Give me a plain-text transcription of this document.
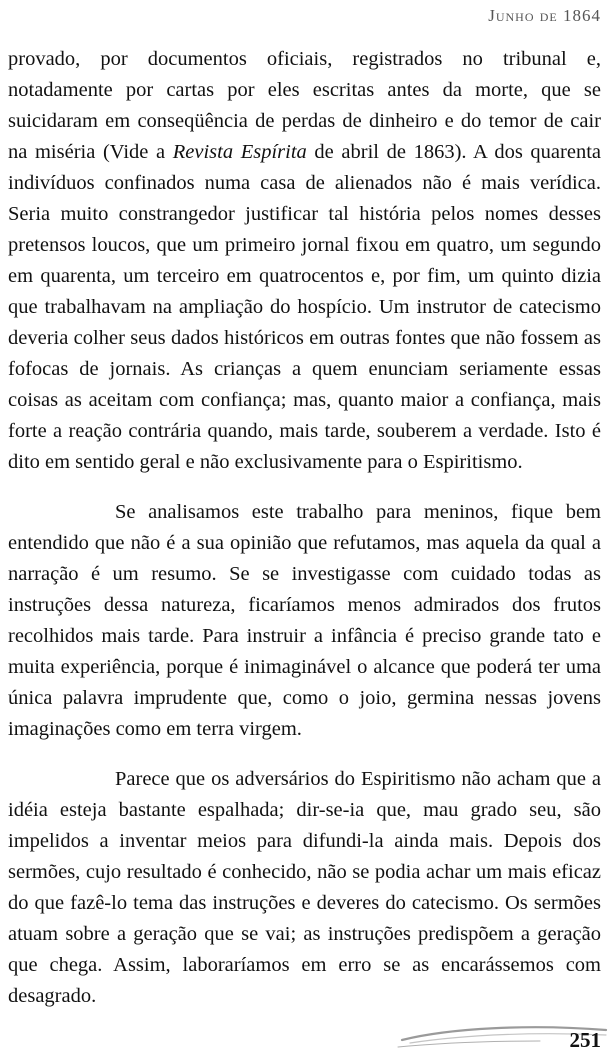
Junho de 1864

provado, por documentos oficiais, registrados no tribunal e, notadamente por cartas por eles escritas antes da morte, que se suicidaram em conseqüência de perdas de dinheiro e do temor de cair na miséria (Vide a Revista Espírita de abril de 1863). A dos quarenta indivíduos confinados numa casa de alienados não é mais verídica. Seria muito constrangedor justificar tal história pelos nomes desses pretensos loucos, que um primeiro jornal fixou em quatro, um segundo em quarenta, um terceiro em quatrocentos e, por fim, um quinto dizia que trabalhavam na ampliação do hospício. Um instrutor de catecismo deveria colher seus dados históricos em outras fontes que não fossem as fofocas de jornais. As crianças a quem enunciam seriamente essas coisas as aceitam com confiança; mas, quanto maior a confiança, mais forte a reação contrária quando, mais tarde, souberem a verdade. Isto é dito em sentido geral e não exclusivamente para o Espiritismo.

Se analisamos este trabalho para meninos, fique bem entendido que não é a sua opinião que refutamos, mas aquela da qual a narração é um resumo. Se se investigasse com cuidado todas as instruções dessa natureza, ficaríamos menos admirados dos frutos recolhidos mais tarde. Para instruir a infância é preciso grande tato e muita experiência, porque é inimaginável o alcance que poderá ter uma única palavra imprudente que, como o joio, germina nessas jovens imaginações como em terra virgem.

Parece que os adversários do Espiritismo não acham que a idéia esteja bastante espalhada; dir-se-ia que, mau grado seu, são impelidos a inventar meios para difundi-la ainda mais. Depois dos sermões, cujo resultado é conhecido, não se podia achar um mais eficaz do que fazê-lo tema das instruções e deveres do catecismo. Os sermões atuam sobre a geração que se vai; as instruções predispõem a geração que chega. Assim, laboraríamos em erro se as encarássemos com desagrado.

251
